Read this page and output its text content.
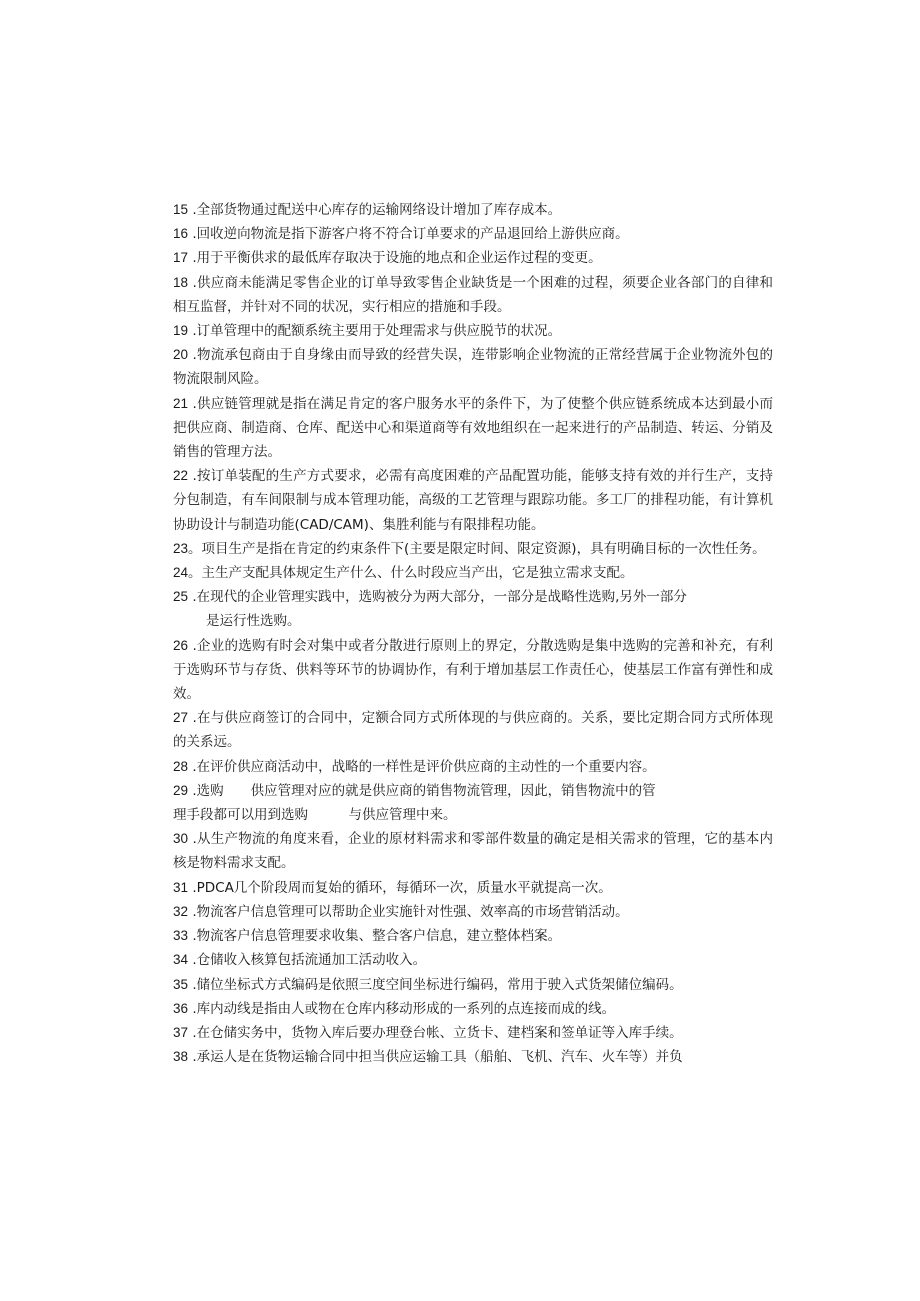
15 .全部货物通过配送中心库存的运输网络设计增加了库存成本。

16 .回收逆向物流是指下游客户将不符合订单要求的产品退回给上游供应商。

17 .用于平衡供求的最低库存取决于设施的地点和企业运作过程的变更。

18 .供应商未能满足零售企业的订单导致零售企业缺货是一个困难的过程，须要企业各部门的自律和相互监督，并针对不同的状况，实行相应的措施和手段。

19 .订单管理中的配额系统主要用于处理需求与供应脱节的状况。

20 .物流承包商由于自身缘由而导致的经营失误，连带影响企业物流的正常经营属于企业物流外包的物流限制风险。

21 .供应链管理就是指在满足肯定的客户服务水平的条件下，为了使整个供应链系统成本达到最小而把供应商、制造商、仓库、配送中心和渠道商等有效地组织在一起来进行的产品制造、转运、分销及销售的管理方法。

22 .按订单装配的生产方式要求，必需有高度困难的产品配置功能，能够支持有效的并行生产，支持分包制造，有车间限制与成本管理功能，高级的工艺管理与跟踪功能。多工厂的排程功能，有计算机协助设计与制造功能(CAD/CAM)、集胜利能与有限排程功能。

23。项目生产是指在肯定的约束条件下(主要是限定时间、限定资源)，具有明确目标的一次性任务。

24。主生产支配具体规定生产什么、什么时段应当产出，它是独立需求支配。

25 .在现代的企业管理实践中，选购被分为两大部分，一部分是战略性选购,另外一部分
是运行性选购。

26 .企业的选购有时会对集中或者分散进行原则上的界定，分散选购是集中选购的完善和补充，有利于选购环节与存货、供料等环节的协调协作，有利于增加基层工作责任心，使基层工作富有弹性和成效。

27 .在与供应商签订的合同中，定额合同方式所体现的与供应商的。关系，要比定期合同方式所体现的关系远。

28 .在评价供应商活动中，战略的一样性是评价供应商的主动性的一个重要内容。

29 .选购　　供应管理对应的就是供应商的销售物流管理，因此，销售物流中的管
理手段都可以用到选购　　　与供应管理中来。

30 .从生产物流的角度来看，企业的原材料需求和零部件数量的确定是相关需求的管理，它的基本内核是物料需求支配。

31 .PDCA几个阶段周而复始的循环，每循环一次，质量水平就提高一次。

32 .物流客户信息管理可以帮助企业实施针对性强、效率高的市场营销活动。

33 .物流客户信息管理要求收集、整合客户信息，建立整体档案。

34 .仓储收入核算包括流通加工活动收入。

35 .储位坐标式方式编码是依照三度空间坐标进行编码，常用于驶入式货架储位编码。

36 .库内动线是指由人或物在仓库内移动形成的一系列的点连接而成的线。

37 .在仓储实务中，货物入库后要办理登台帐、立货卡、建档案和签单证等入库手续。

38 .承运人是在货物运输合同中担当供应运输工具（船舶、飞机、汽车、火车等）并负
